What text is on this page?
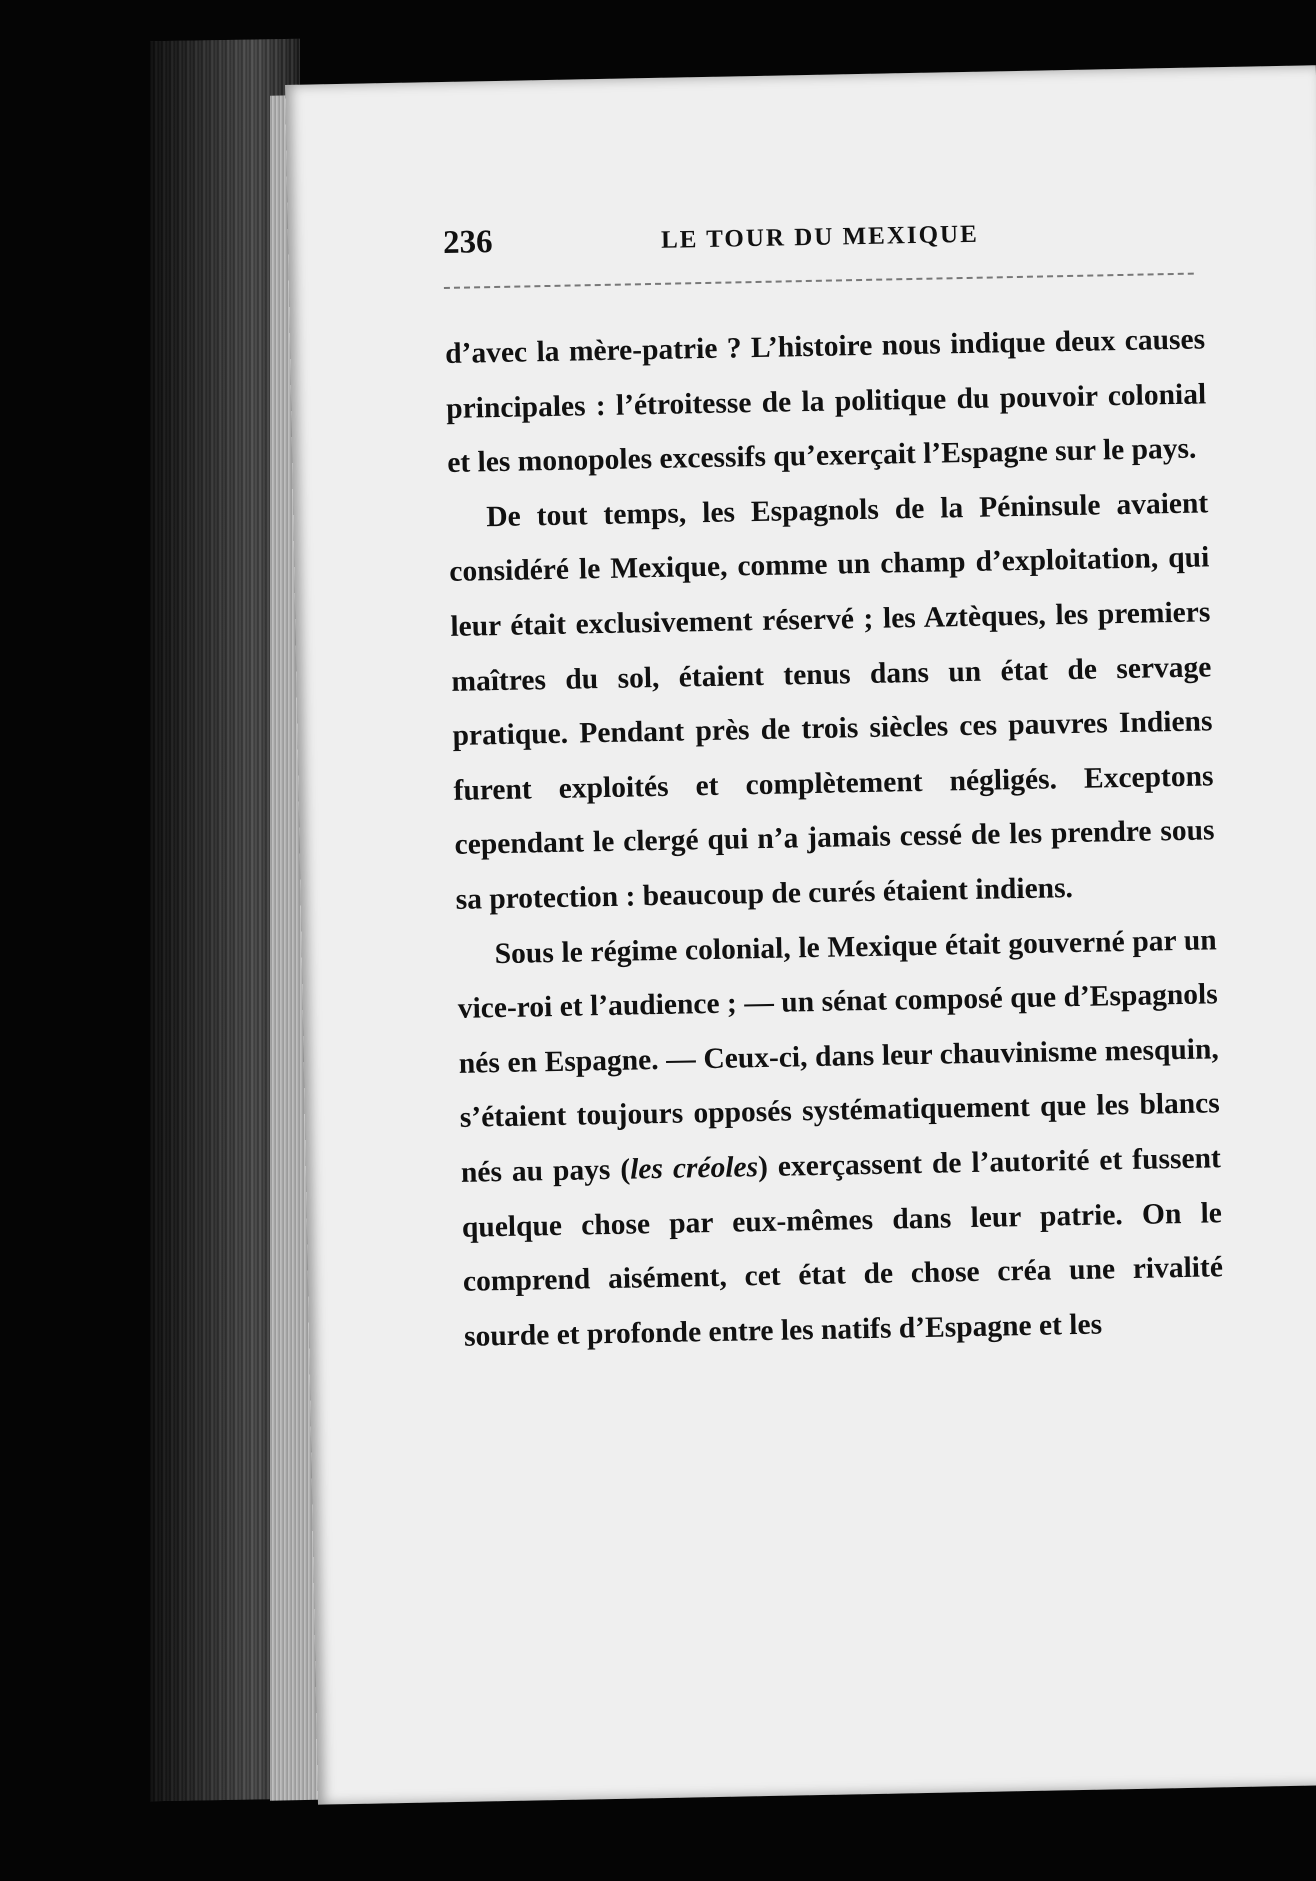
236	LE TOUR DU MEXIQUE

d’avec la mère-patrie ? L’histoire nous indique deux causes principales : l’étroitesse de la politique du pouvoir colonial et les monopoles excessifs qu’exerçait l’Espagne sur le pays.

De tout temps, les Espagnols de la Péninsule avaient considéré le Mexique, comme un champ d’exploitation, qui leur était exclusivement réservé ; les Aztèques, les premiers maîtres du sol, étaient tenus dans un état de servage pratique. Pendant près de trois siècles ces pauvres Indiens furent exploités et complètement négligés. Exceptons cependant le clergé qui n’a jamais cessé de les prendre sous sa protection : beaucoup de curés étaient indiens.

Sous le régime colonial, le Mexique était gouverné par un vice-roi et l’audience ; — un sénat composé que d’Espagnols nés en Espagne. — Ceux-ci, dans leur chauvinisme mesquin, s’étaient toujours opposés systématiquement que les blancs nés au pays (les créoles) exerçassent de l’autorité et fussent quelque chose par eux-mêmes dans leur patrie. On le comprend aisément, cet état de chose créa une rivalité sourde et profonde entre les natifs d’Espagne et les
